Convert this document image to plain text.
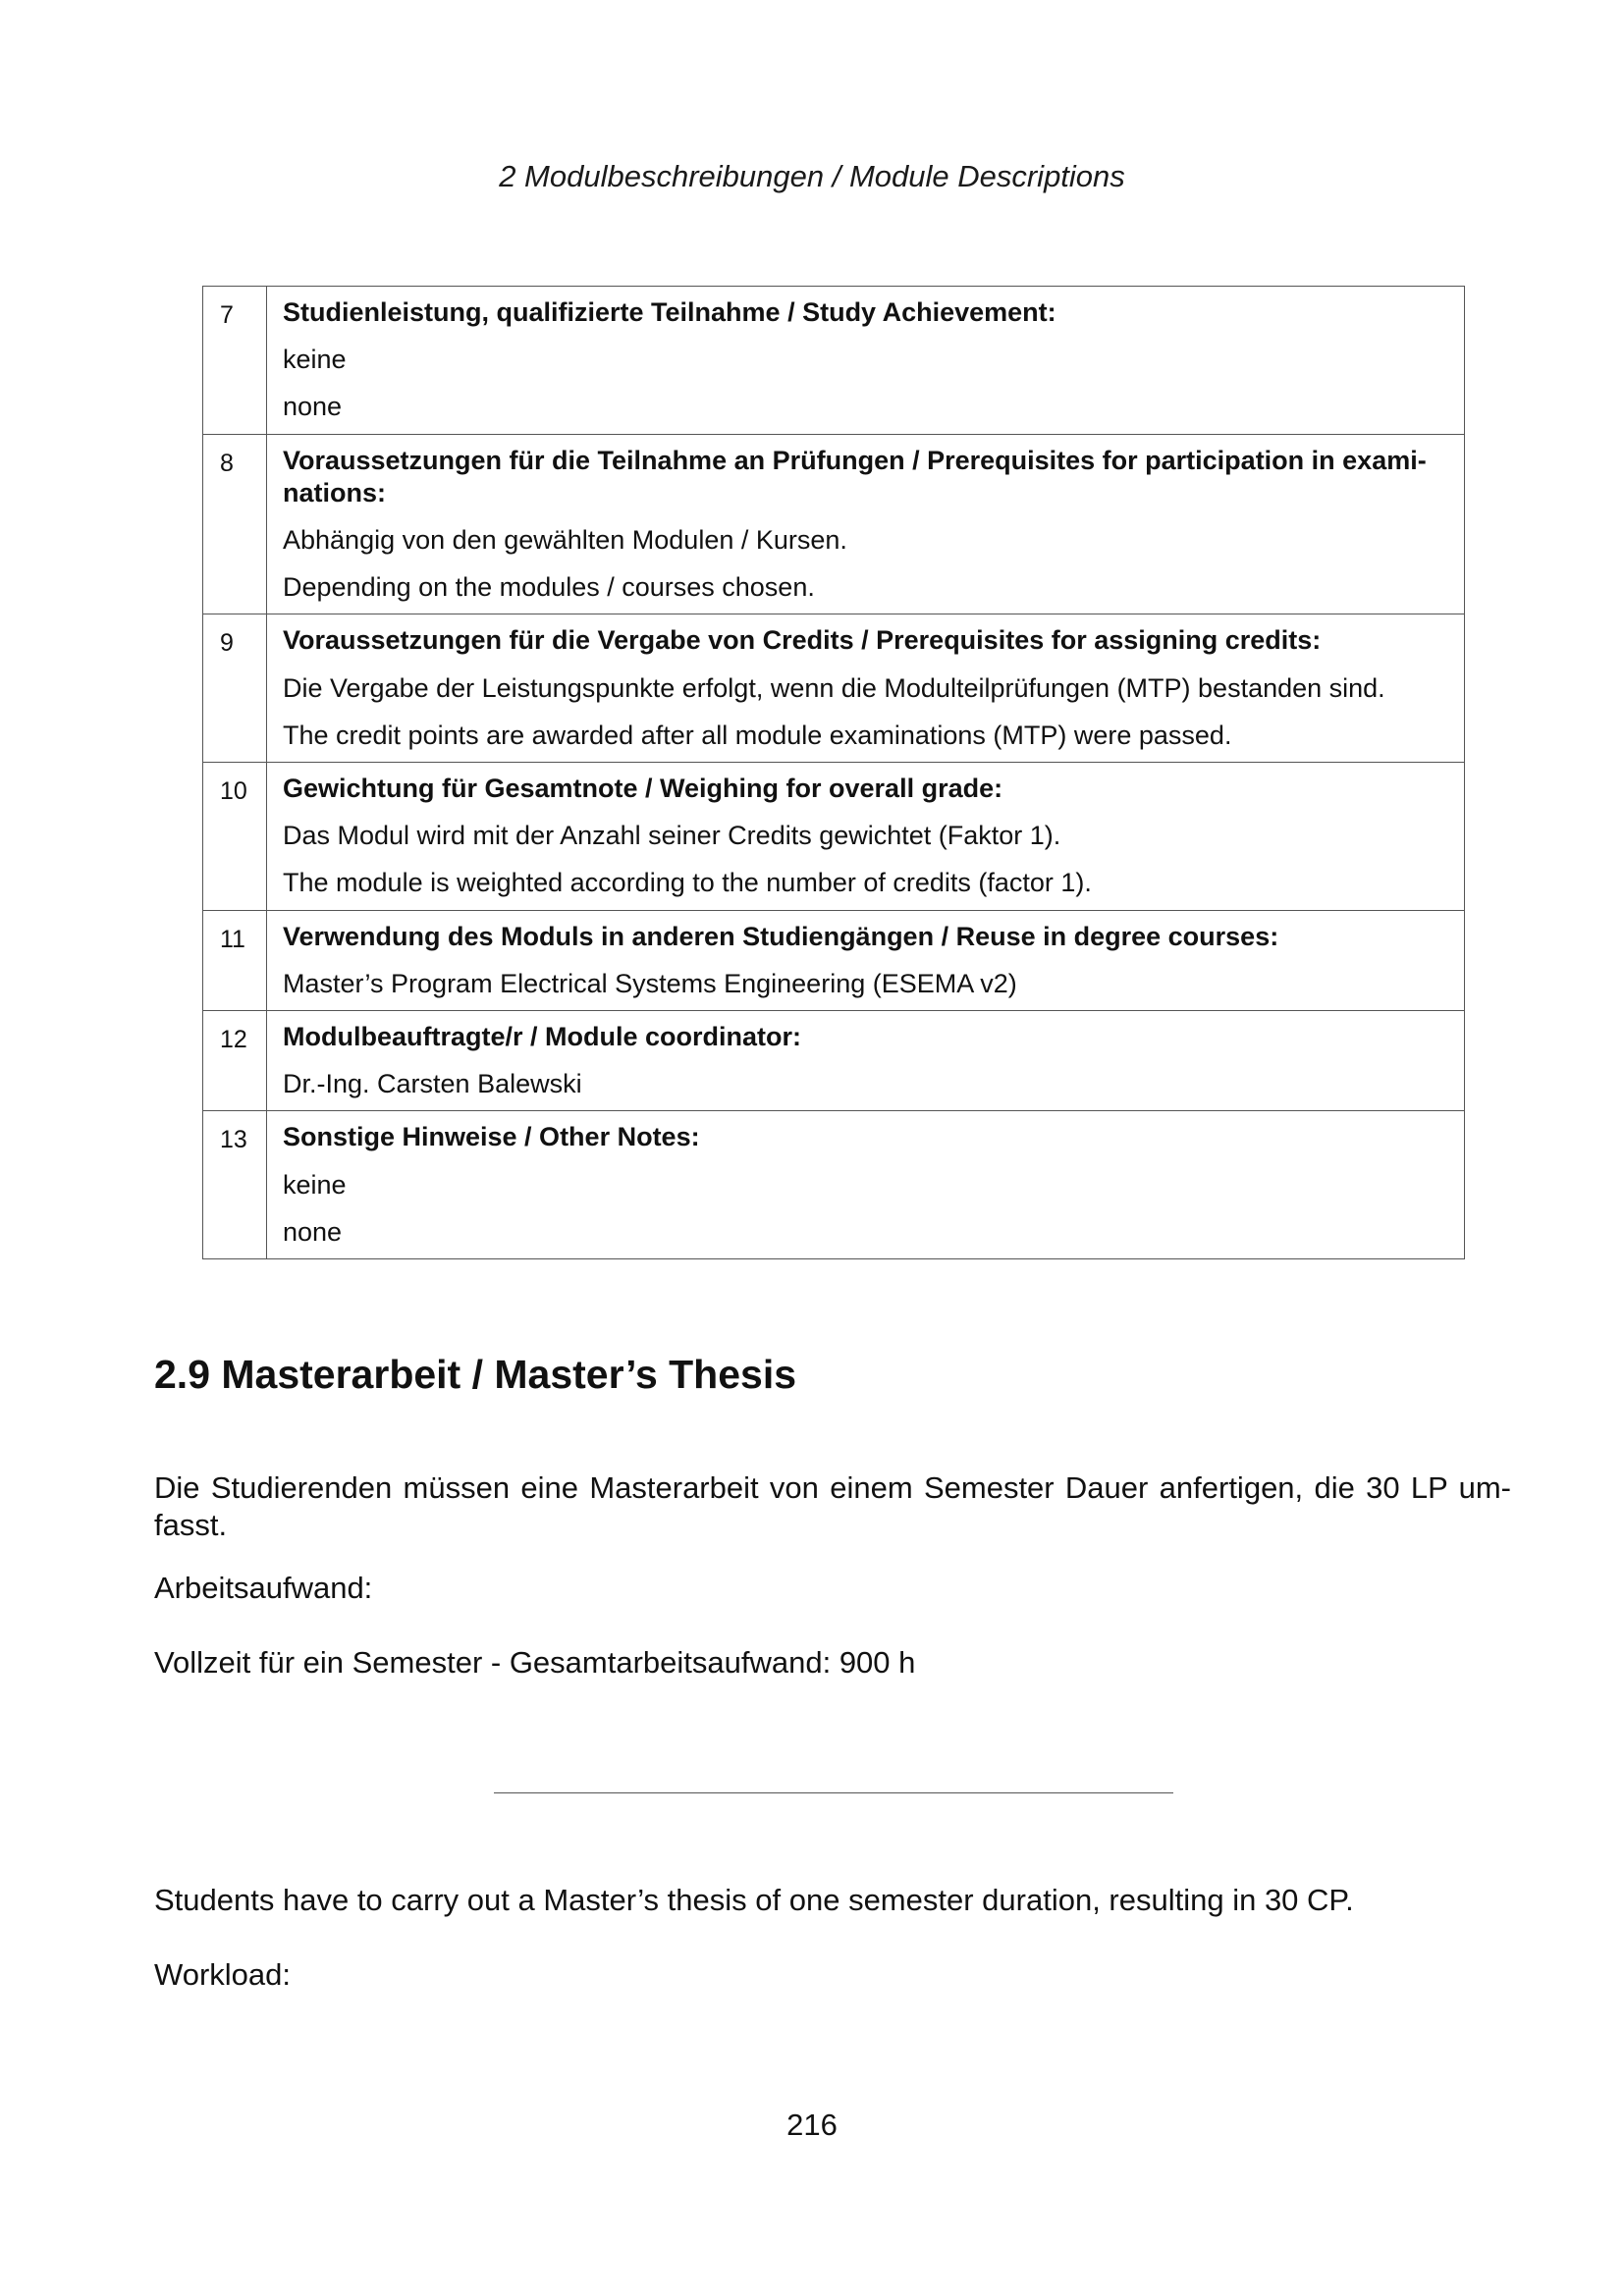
2 Modulbeschreibungen / Module Descriptions
7	Studienleistung, qualifizierte Teilnahme / Study Achievement:
keine
none

8	Voraussetzungen für die Teilnahme an Prüfungen / Prerequisites for participation in exami-nations:
Abhängig von den gewählten Modulen / Kursen.
Depending on the modules / courses chosen.

9	Voraussetzungen für die Vergabe von Credits / Prerequisites for assigning credits:
Die Vergabe der Leistungspunkte erfolgt, wenn die Modulteilprüfungen (MTP) bestanden sind.
The credit points are awarded after all module examinations (MTP) were passed.

10	Gewichtung für Gesamtnote / Weighing for overall grade:
Das Modul wird mit der Anzahl seiner Credits gewichtet (Faktor 1).
The module is weighted according to the number of credits (factor 1).

11	Verwendung des Moduls in anderen Studiengängen / Reuse in degree courses:
Master’s Program Electrical Systems Engineering (ESEMA v2)

12	Modulbeauftragte/r / Module coordinator:
Dr.-Ing. Carsten Balewski

13	Sonstige Hinweise / Other Notes:
keine
none
2.9 Masterarbeit / Master’s Thesis

Die Studierenden müssen eine Masterarbeit von einem Semester Dauer anfertigen, die 30 LP um-fasst.

Arbeitsaufwand:

Vollzeit für ein Semester - Gesamtarbeitsaufwand: 900 h

Students have to carry out a Master’s thesis of one semester duration, resulting in 30 CP.

Workload:

216
